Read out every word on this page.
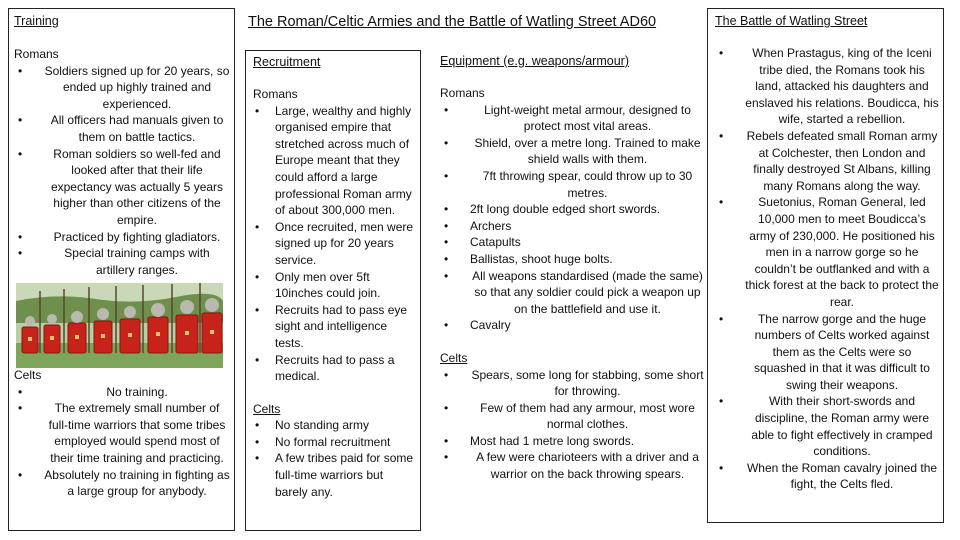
Training
Romans
• Soldiers signed up for 20 years, so ended up highly trained and experienced.
• All officers had manuals given to them on battle tactics.
• Roman soldiers so well-fed and looked after that their life expectancy was actually 5 years higher than other citizens of the empire.
• Practiced by fighting gladiators.
• Special training camps with artillery ranges.
Celts
• No training.
• The extremely small number of full-time warriors that some tribes employed would spend most of their time training and practicing.
• Absolutely no training in fighting as a large group for anybody.
The Roman/Celtic Armies and the Battle of Watling Street AD60
Recruitment
Romans
• Large, wealthy and highly organised empire that stretched across much of Europe meant that they could afford a large professional Roman army of about 300,000 men.
• Once recruited, men were signed up for 20 years service.
• Only men over 5ft 10inches could join.
• Recruits had to pass eye sight and intelligence tests.
• Recruits had to pass a medical.
Celts
• No standing army
• No formal recruitment
• A few tribes paid for some full-time warriors but barely any.
Equipment (e.g. weapons/armour)
Romans
• Light-weight metal armour, designed to protect most vital areas.
• Shield, over a metre long. Trained to make shield walls with them.
• 7ft throwing spear, could throw up to 30 metres.
• 2ft long double edged short swords.
• Archers
• Catapults
• Ballistas, shoot huge bolts.
• All weapons standardised (made the same) so that any soldier could pick a weapon up on the battlefield and use it.
• Cavalry
Celts
• Spears, some long for stabbing, some short for throwing.
• Few of them had any armour, most wore normal clothes.
• Most had 1 metre long swords.
• A few were charioteers with a driver and a warrior on the back throwing spears.
The Battle of Watling Street
• When Prastagus, king of the Iceni tribe died, the Romans took his land, attacked his daughters and enslaved his relations. Boudicca, his wife, started a rebellion.
• Rebels defeated small Roman army at Colchester, then London and finally destroyed St Albans, killing many Romans along the way.
• Suetonius, Roman General, led 10,000 men to meet Boudicca’s army of 230,000. He positioned his men in a narrow gorge so he couldn’t be outflanked and with a thick forest at the back to protect the rear.
• The narrow gorge and the huge numbers of Celts worked against them as the Celts were so squashed in that it was difficult to swing their weapons.
• With their short-swords and discipline, the Roman army were able to fight effectively in cramped conditions.
• When the Roman cavalry joined the fight, the Celts fled.
